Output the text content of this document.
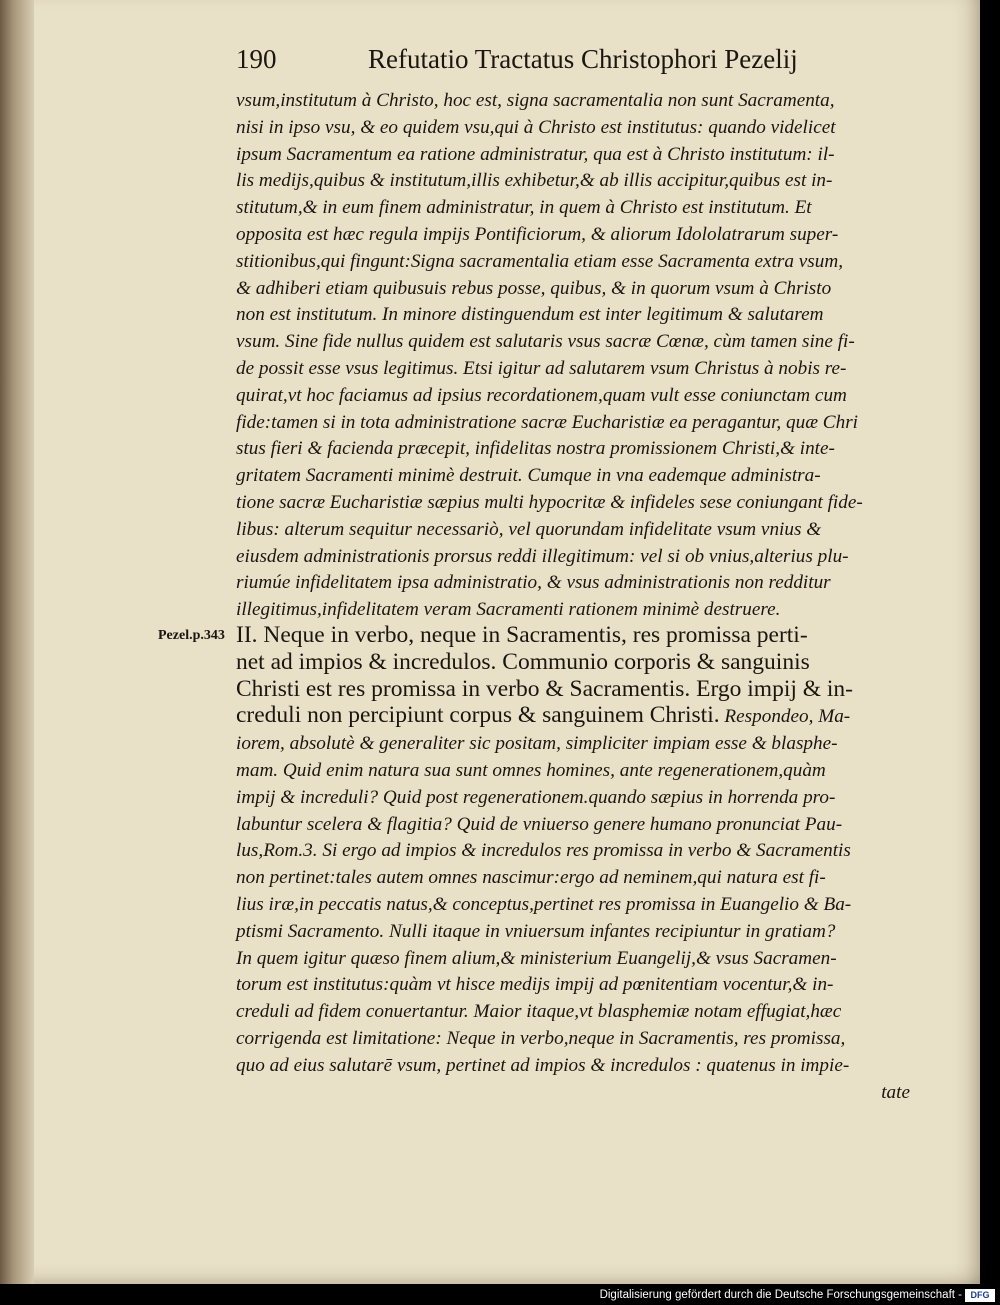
190	Refutatio Tractatus Christophori Pezelij
vsum,institutum à Christo, hoc est, signa sacramentalia non sunt Sacramenta,
nisi in ipso vsu, & eo quidem vsu,qui à Christo est institutus: quando videlicet
ipsum Sacramentum ea ratione administratur, qua est à Christo institutum: il-
lis medijs,quibus & institutum,illis exhibetur,& ab illis accipitur,quibus est in-
stitutum,& in eum finem administratur, in quem à Christo est institutum. Et
opposita est hæc regula impijs Pontificiorum, & aliorum Idololatrarum super-
stitionibus,qui fingunt:Signa sacramentalia etiam esse Sacramenta extra vsum,
& adhiberi etiam quibusuis rebus posse, quibus, & in quorum vsum à Christo
non est institutum. In minore distinguendum est inter legitimum & salutarem
vsum. Sine fide nullus quidem est salutaris vsus sacræ Cœnæ, cùm tamen sine fi-
de possit esse vsus legitimus. Etsi igitur ad salutarem vsum Christus à nobis re-
quirat,vt hoc faciamus ad ipsius recordationem,quam vult esse coniunctam cum
fide:tamen si in tota administratione sacræ Eucharistiæ ea peragantur, quæ Chri
stus fieri & facienda præcepit, infidelitas nostra promissionem Christi,& inte-
gritatem Sacramenti minimè destruit. Cumque in vna eademque administra-
tione sacræ Eucharistiæ sæpius multi hypocritæ & infideles sese coniungant fide-
libus: alterum sequitur necessariò, vel quorundam infidelitate vsum vnius &
eiusdem administrationis prorsus reddi illegitimum: vel si ob vnius,alterius plu-
riumúe infidelitatem ipsa administratio, & vsus administrationis non redditur
illegitimus,infidelitatem veram Sacramenti rationem minimè destruere.
Pezel.p.343 II. Neque in verbo, neque in Sacramentis, res promissa perti-
net ad impios & incredulos. Communio corporis & sanguinis
Christi est res promissa in verbo & Sacramentis. Ergo impij & in-
creduli non percipiunt corpus & sanguinem Christi. Respondeo, Ma-
iorem, absolutè & generaliter sic positam, simpliciter impiam esse & blasphe-
mam. Quid enim natura sua sunt omnes homines, ante regenerationem,quàm
impij & increduli? Quid post regenerationem.quando sæpius in horrenda pro-
labuntur scelera & flagitia? Quid de vniuerso genere humano pronunciat Pau-
lus,Rom.3. Si ergo ad impios & incredulos res promissa in verbo & Sacramentis
non pertinet:tales autem omnes nascimur:ergo ad neminem,qui natura est fi-
lius iræ,in peccatis natus,& conceptus,pertinet res promissa in Euangelio & Ba-
ptismi Sacramento. Nulli itaque in vniuersum infantes recipiuntur in gratiam?
In quem igitur quæso finem alium,& ministerium Euangelij,& vsus Sacramen-
torum est institutus:quàm vt hisce medijs impij ad pœnitentiam vocentur,& in-
creduli ad fidem conuertantur. Maior itaque,vt blasphemiæ notam effugiat,hæc
corrigenda est limitatione: Neque in verbo,neque in Sacramentis, res promissa,
quo ad eius salutarē vsum, pertinet ad impios & incredulos : quatenus in impie-
tate
Digitalisierung gefördert durch die Deutsche Forschungsgemeinschaft - DFG
